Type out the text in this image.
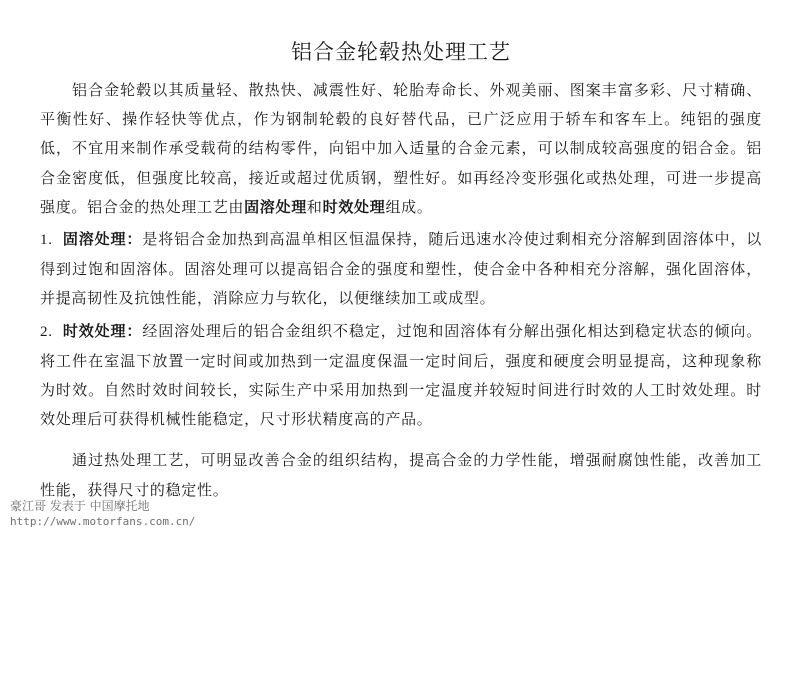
铝合金轮毂热处理工艺

铝合金轮毂以其质量轻、散热快、减震性好、轮胎寿命长、外观美丽、图案丰富多彩、尺寸精确、平衡性好、操作轻快等优点，作为钢制轮毂的良好替代品，已广泛应用于轿车和客车上。纯铝的强度低，不宜用来制作承受载荷的结构零件，向铝中加入适量的合金元素，可以制成较高强度的铝合金。铝合金密度低，但强度比较高，接近或超过优质钢，塑性好。如再经冷变形强化或热处理，可进一步提高强度。铝合金的热处理工艺由固溶处理和时效处理组成。

1. 固溶处理：是将铝合金加热到高温单相区恒温保持，随后迅速水冷使过剩相充分溶解到固溶体中，以得到过饱和固溶体。固溶处理可以提高铝合金的强度和塑性，使合金中各种相充分溶解，强化固溶体，并提高韧性及抗蚀性能，消除应力与软化，以便继续加工或成型。

2. 时效处理：经固溶处理后的铝合金组织不稳定，过饱和固溶体有分解出强化相达到稳定状态的倾向。将工件在室温下放置一定时间或加热到一定温度保温一定时间后，强度和硬度会明显提高，这种现象称为时效。自然时效时间较长，实际生产中采用加热到一定温度并较短时间进行时效的人工时效处理。时效处理后可获得机械性能稳定，尺寸形状精度高的产品。

通过热处理工艺，可明显改善合金的组织结构，提高合金的力学性能，增强耐腐蚀性能，改善加工性能，获得尺寸的稳定性。

豪江哥 发表于 中国摩托地
http://www.motorfans.com.cn/
